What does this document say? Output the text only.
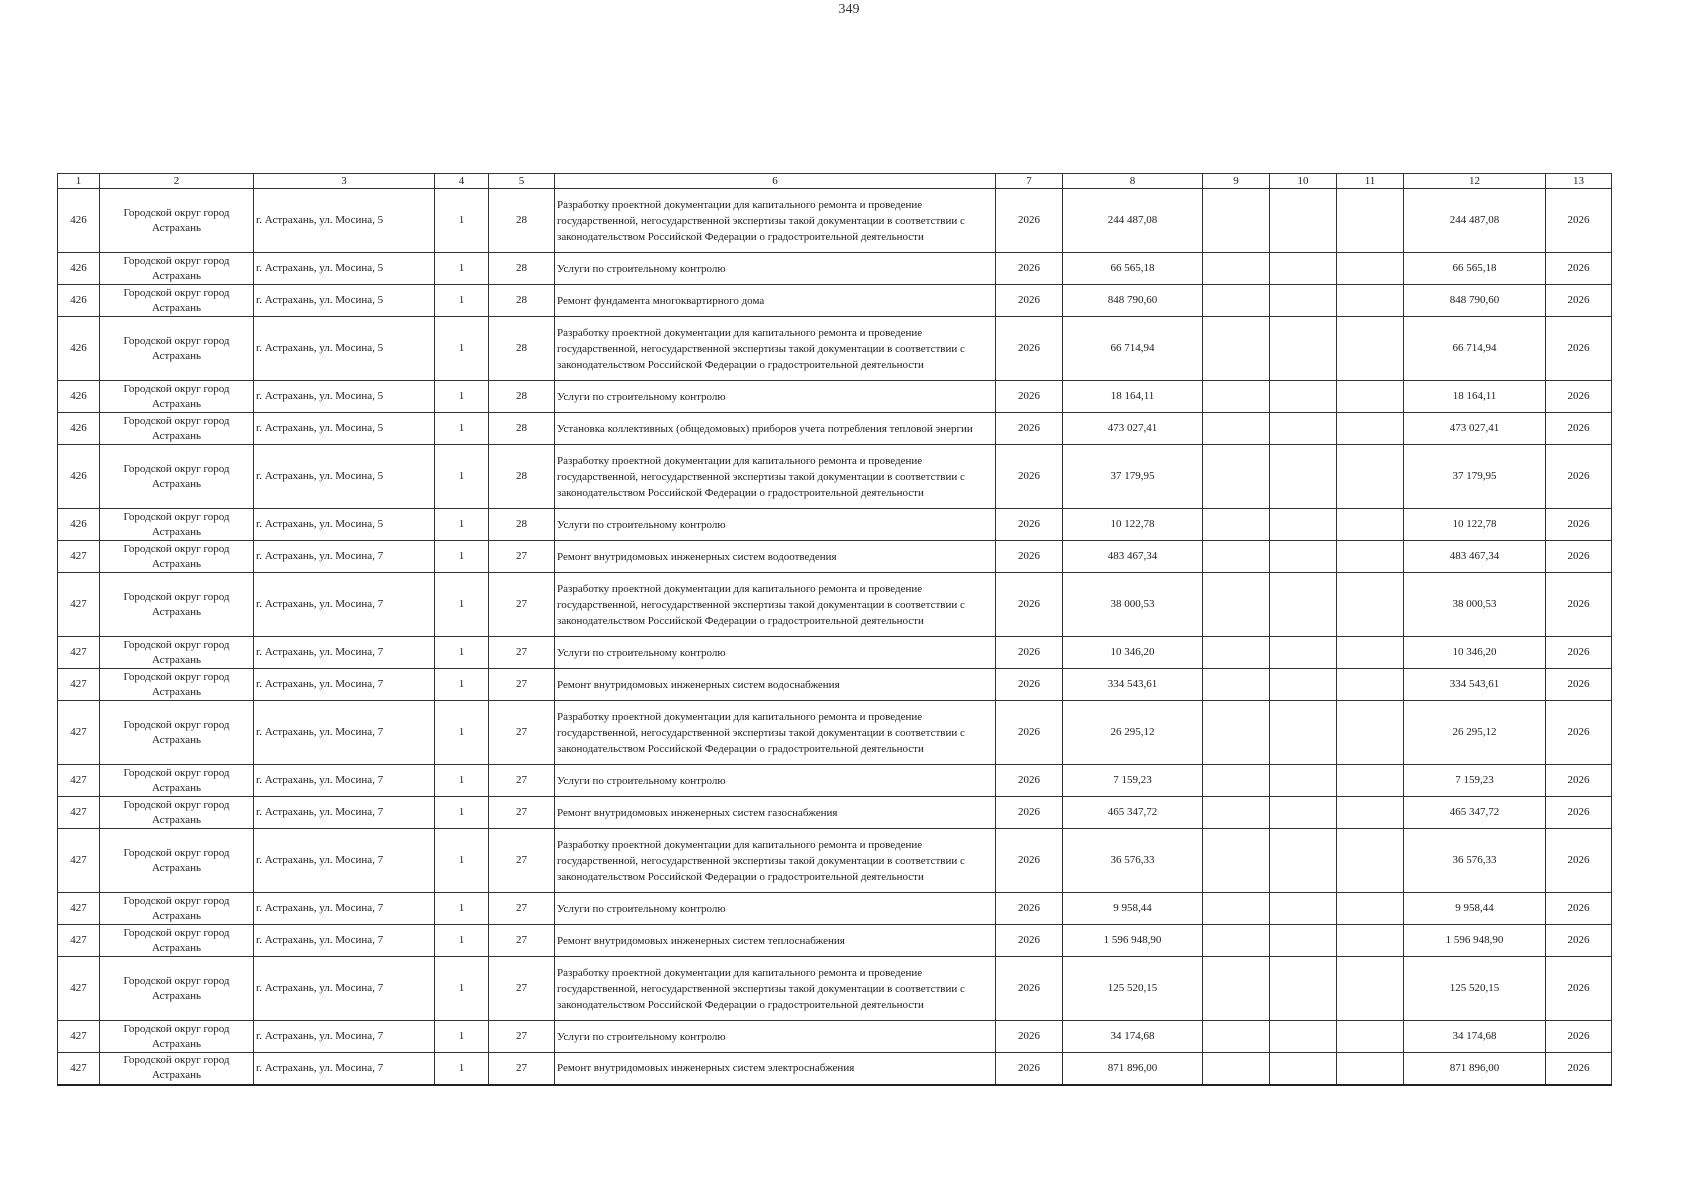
349
1	2	3	4	5	6	7	8	9	10	11	12	13
426	Городской округ город Астрахань	г. Астрахань, ул. Мосина, 5	1	28	Разработку проектной документации для капитального ремонта и проведение государственной, негосударственной экспертизы такой документации в соответствии с законодательством Российской Федерации о градостроительной деятельности	2026	244 487,08				244 487,08	2026
426	Городской округ город Астрахань	г. Астрахань, ул. Мосина, 5	1	28	Услуги по строительному контролю	2026	66 565,18				66 565,18	2026
426	Городской округ город Астрахань	г. Астрахань, ул. Мосина, 5	1	28	Ремонт фундамента многоквартирного дома	2026	848 790,60				848 790,60	2026
426	Городской округ город Астрахань	г. Астрахань, ул. Мосина, 5	1	28	Разработку проектной документации для капитального ремонта и проведение государственной, негосударственной экспертизы такой документации в соответствии с законодательством Российской Федерации о градостроительной деятельности	2026	66 714,94				66 714,94	2026
426	Городской округ город Астрахань	г. Астрахань, ул. Мосина, 5	1	28	Услуги по строительному контролю	2026	18 164,11				18 164,11	2026
426	Городской округ город Астрахань	г. Астрахань, ул. Мосина, 5	1	28	Установка коллективных (общедомовых) приборов учета потребления тепловой энергии	2026	473 027,41				473 027,41	2026
426	Городской округ город Астрахань	г. Астрахань, ул. Мосина, 5	1	28	Разработку проектной документации для капитального ремонта и проведение государственной, негосударственной экспертизы такой документации в соответствии с законодательством Российской Федерации о градостроительной деятельности	2026	37 179,95				37 179,95	2026
426	Городской округ город Астрахань	г. Астрахань, ул. Мосина, 5	1	28	Услуги по строительному контролю	2026	10 122,78				10 122,78	2026
427	Городской округ город Астрахань	г. Астрахань, ул. Мосина, 7	1	27	Ремонт внутридомовых инженерных систем водоотведения	2026	483 467,34				483 467,34	2026
427	Городской округ город Астрахань	г. Астрахань, ул. Мосина, 7	1	27	Разработку проектной документации для капитального ремонта и проведение государственной, негосударственной экспертизы такой документации в соответствии с законодательством Российской Федерации о градостроительной деятельности	2026	38 000,53				38 000,53	2026
427	Городской округ город Астрахань	г. Астрахань, ул. Мосина, 7	1	27	Услуги по строительному контролю	2026	10 346,20				10 346,20	2026
427	Городской округ город Астрахань	г. Астрахань, ул. Мосина, 7	1	27	Ремонт внутридомовых инженерных систем водоснабжения	2026	334 543,61				334 543,61	2026
427	Городской округ город Астрахань	г. Астрахань, ул. Мосина, 7	1	27	Разработку проектной документации для капитального ремонта и проведение государственной, негосударственной экспертизы такой документации в соответствии с законодательством Российской Федерации о градостроительной деятельности	2026	26 295,12				26 295,12	2026
427	Городской округ город Астрахань	г. Астрахань, ул. Мосина, 7	1	27	Услуги по строительному контролю	2026	7 159,23				7 159,23	2026
427	Городской округ город Астрахань	г. Астрахань, ул. Мосина, 7	1	27	Ремонт внутридомовых инженерных систем газоснабжения	2026	465 347,72				465 347,72	2026
427	Городской округ город Астрахань	г. Астрахань, ул. Мосина, 7	1	27	Разработку проектной документации для капитального ремонта и проведение государственной, негосударственной экспертизы такой документации в соответствии с законодательством Российской Федерации о градостроительной деятельности	2026	36 576,33				36 576,33	2026
427	Городской округ город Астрахань	г. Астрахань, ул. Мосина, 7	1	27	Услуги по строительному контролю	2026	9 958,44				9 958,44	2026
427	Городской округ город Астрахань	г. Астрахань, ул. Мосина, 7	1	27	Ремонт внутридомовых инженерных систем теплоснабжения	2026	1 596 948,90				1 596 948,90	2026
427	Городской округ город Астрахань	г. Астрахань, ул. Мосина, 7	1	27	Разработку проектной документации для капитального ремонта и проведение государственной, негосударственной экспертизы такой документации в соответствии с законодательством Российской Федерации о градостроительной деятельности	2026	125 520,15				125 520,15	2026
427	Городской округ город Астрахань	г. Астрахань, ул. Мосина, 7	1	27	Услуги по строительному контролю	2026	34 174,68				34 174,68	2026
427	Городской округ город Астрахань	г. Астрахань, ул. Мосина, 7	1	27	Ремонт внутридомовых инженерных систем электроснабжения	2026	871 896,00				871 896,00	2026
